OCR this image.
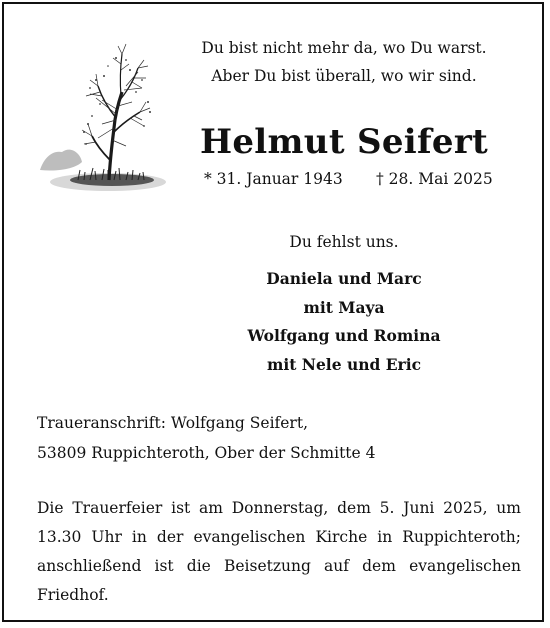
Du bist nicht mehr da, wo Du warst.
Aber Du bist überall, wo wir sind.
Helmut Seifert
* 31. Januar 1943 † 28. Mai 2025
Du fehlst uns.
Daniela und Marc
mit Maya
Wolfgang und Romina
mit Nele und Eric
Traueranschrift: Wolfgang Seifert,
53809 Ruppichteroth, Ober der Schmitte 4
Die Trauerfeier ist am Donnerstag, dem 5. Juni 2025, um
13.30 Uhr in der evangelischen Kirche in Ruppichteroth;
anschließend ist die Beisetzung auf dem evangelischen
Friedhof.
